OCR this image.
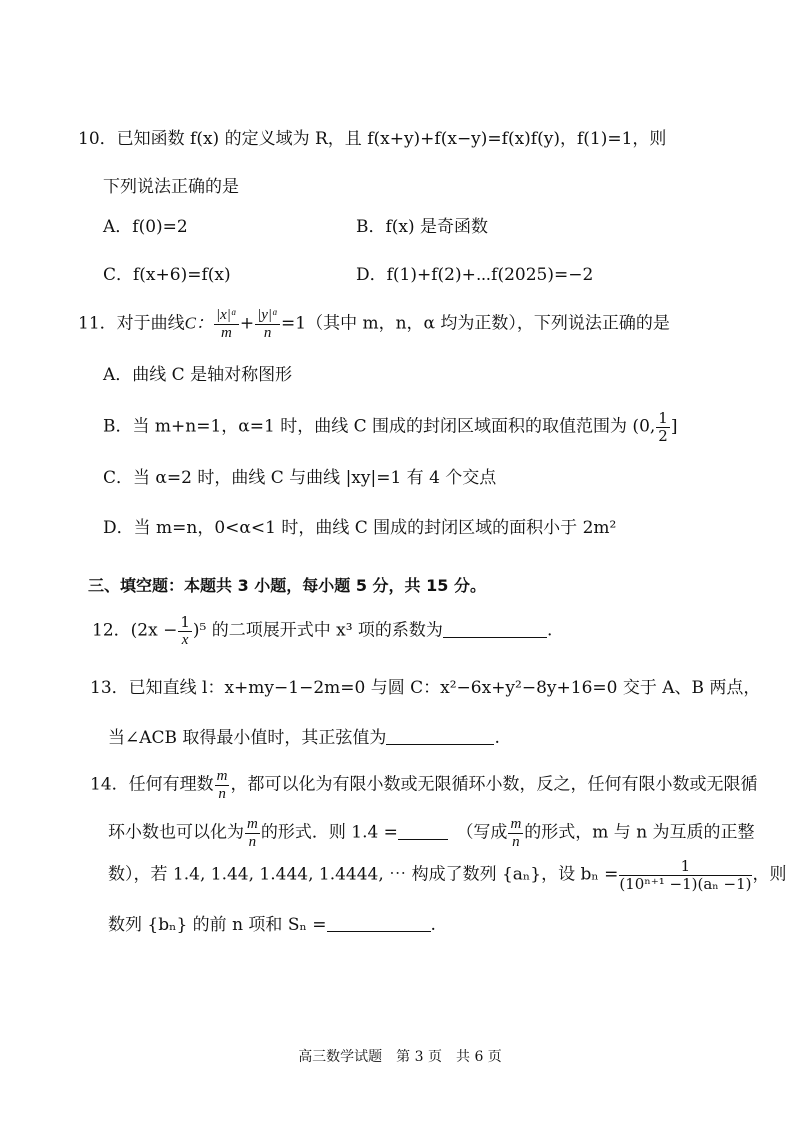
10．已知函数 f(x) 的定义域为 R，且 f(x+y)+f(x−y)=f(x)f(y)，f(1)=1，则
下列说法正确的是
A．f(0)=2	B．f(x) 是奇函数
C．f(x+6)=f(x)	D．f(1)+f(2)+⋯f(2025)=−2
11．对于曲线C： $\frac{\text{|x|ᵅ}}{m} + \frac{\text{|y|ᵅ}}{n} =1$（其中 m，n，α 均为正数），下列说法正确的是
A．曲线 C 是轴对称图形
B．当 m+n=1，α=1 时，曲线 C 围成的封闭区域面积的取值范围为 (0, $\frac{1}{2}$ ]
C．当 α=2 时，曲线 C 与曲线 |xy|=1 有 4 个交点
D．当 m=n，0<α<1 时，曲线 C 围成的封闭区域的面积小于 2m²
三、填空题：本题共 3 小题，每小题 5 分，共 15 分。
12．$(2x - \frac{1}{x} )^5$ 的二项展开式中 x³ 项的系数为	.
13．已知直线 l：x+my−1−2m=0 与圆 C：x²−6x+y²−8y+16=0 交于 A、B 两点，
当∠ACB 取得最小值时，其正弦值为	.
14．任何有理数 $\frac{m}{n}$ ，都可以化为有限小数或无限循环小数，反之，任何有限小数或无限循
环小数也可以化为 $\frac{m}{n}$ 的形式．则 1.4̇ =　	（写成 $\frac{m}{n}$ 的形式，m 与 n 为互质的正整
数），若 1.4, 1.44, 1.444, 1.4444, ⋯ 构成了数列 {aₙ}，设 $b_n = \frac{1}{\text{(10ⁿ⁺¹ −1)(aₙ −1)}}$ ，则
数列 {bₙ} 的前 n 项和 Sₙ =	.
高三数学试题　第 3 页　共 6 页
